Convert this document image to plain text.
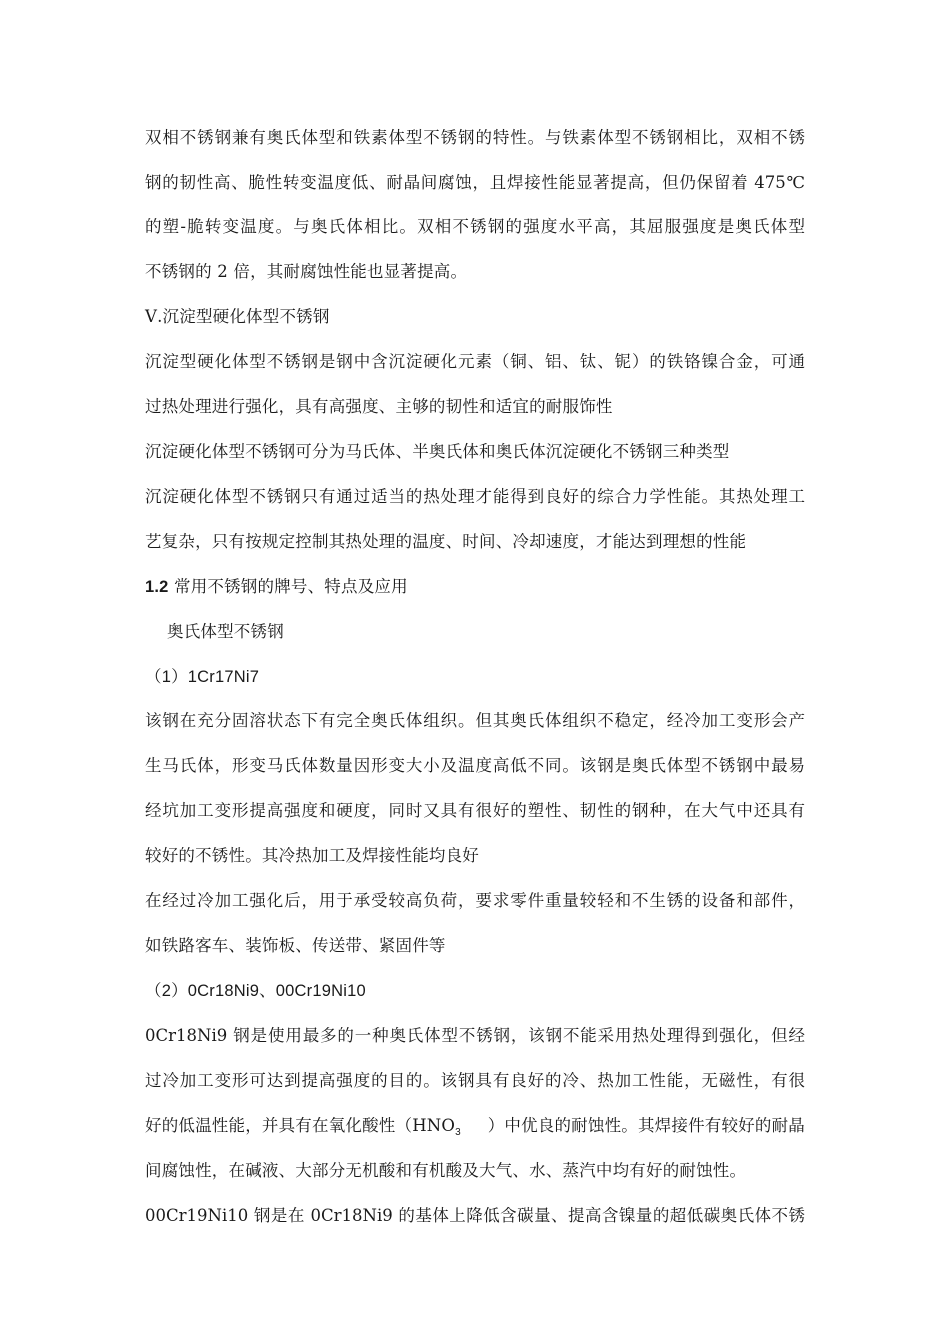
双相不锈钢兼有奥氏体型和铁素体型不锈钢的特性。与铁素体型不锈钢相比，双相不锈
钢的韧性高、脆性转变温度低、耐晶间腐蚀，且焊接性能显著提高，但仍保留着 475℃
的塑-脆转变温度。与奥氏体相比。双相不锈钢的强度水平高，其屈服强度是奥氏体型
不锈钢的 2 倍，其耐腐蚀性能也显著提高。
Ⅴ.沉淀型硬化体型不锈钢
沉淀型硬化体型不锈钢是钢中含沉淀硬化元素（铜、铝、钛、铌）的铁铬镍合金，可通
过热处理进行强化，具有高强度、主够的韧性和适宜的耐服饰性
沉淀硬化体型不锈钢可分为马氏体、半奥氏体和奥氏体沉淀硬化不锈钢三种类型
沉淀硬化体型不锈钢只有通过适当的热处理才能得到良好的综合力学性能。其热处理工
艺复杂，只有按规定控制其热处理的温度、时间、冷却速度，才能达到理想的性能
1.2 常用不锈钢的牌号、特点及应用
奥氏体型不锈钢
（1）1Cr17Ni7
该钢在充分固溶状态下有完全奥氏体组织。但其奥氏体组织不稳定，经冷加工变形会产
生马氏体，形变马氏体数量因形变大小及温度高低不同。该钢是奥氏体型不锈钢中最易
经坑加工变形提高强度和硬度，同时又具有很好的塑性、韧性的钢种，在大气中还具有
较好的不锈性。其冷热加工及焊接性能均良好
在经过冷加工强化后，用于承受较高负荷，要求零件重量较轻和不生锈的设备和部件，
如铁路客车、装饰板、传送带、紧固件等
（2）0Cr18Ni9、00Cr19Ni10
0Cr18Ni9 钢是使用最多的一种奥氏体型不锈钢，该钢不能采用热处理得到强化，但经
过冷加工变形可达到提高强度的目的。该钢具有良好的冷、热加工性能，无磁性，有很
好的低温性能，并具有在氧化酸性（$HNO_3$ ）中优良的耐蚀性。其焊接件有较好的耐晶
间腐蚀性，在碱液、大部分无机酸和有机酸及大气、水、蒸汽中均有好的耐蚀性。
00Cr19Ni10 钢是在 0Cr18Ni9 的基体上降低含碳量、提高含镍量的超低碳奥氏体不锈
